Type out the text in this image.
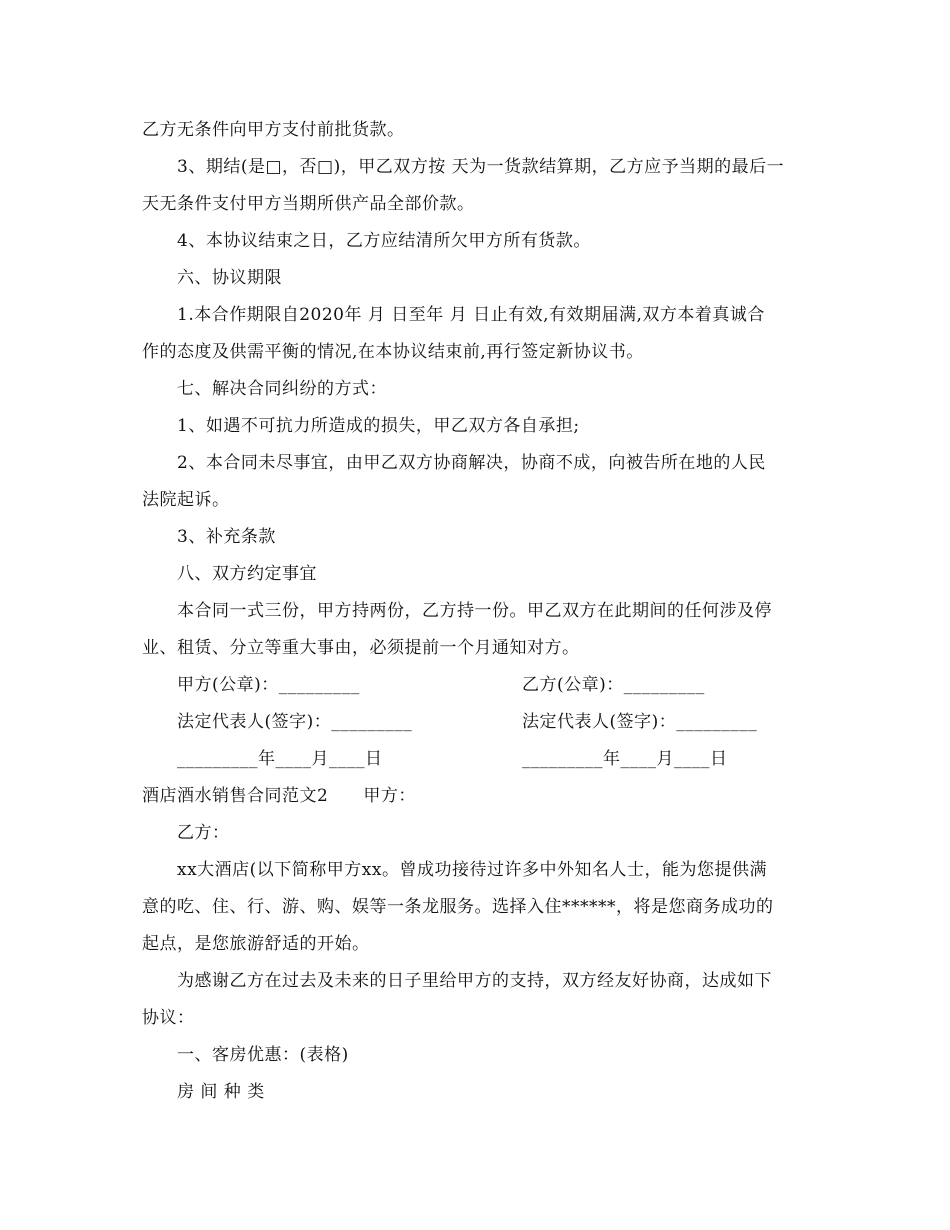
乙方无条件向甲方支付前批货款。
3、期结(是□，否□)，甲乙双方按 天为一货款结算期，乙方应予当期的最后一
天无条件支付甲方当期所供产品全部价款。
4、本协议结束之日，乙方应结清所欠甲方所有货款。
六、协议期限
1.本合作期限自2020年 月 日至年 月 日止有效,有效期届满,双方本着真诚合
作的态度及供需平衡的情况,在本协议结束前,再行签定新协议书。
七、解决合同纠纷的方式：
1、如遇不可抗力所造成的损失，甲乙双方各自承担;
2、本合同未尽事宜，由甲乙双方协商解决，协商不成，向被告所在地的人民
法院起诉。
3、补充条款
八、双方约定事宜
本合同一式三份，甲方持两份，乙方持一份。甲乙双方在此期间的任何涉及停
业、租赁、分立等重大事由，必须提前一个月通知对方。
甲方(公章)：_________	乙方(公章)：_________
法定代表人(签字)：_________	法定代表人(签字)：_________
_________年____月____日	_________年____月____日
酒店酒水销售合同范文2　　甲方：
乙方：
xx大酒店(以下简称甲方xx。曾成功接待过许多中外知名人士，能为您提供满
意的吃、住、行、游、购、娱等一条龙服务。选择入住******，将是您商务成功的
起点，是您旅游舒适的开始。
为感谢乙方在过去及未来的日子里给甲方的支持，双方经友好协商，达成如下
协议：
一、客房优惠：(表格)
房 间 种 类
